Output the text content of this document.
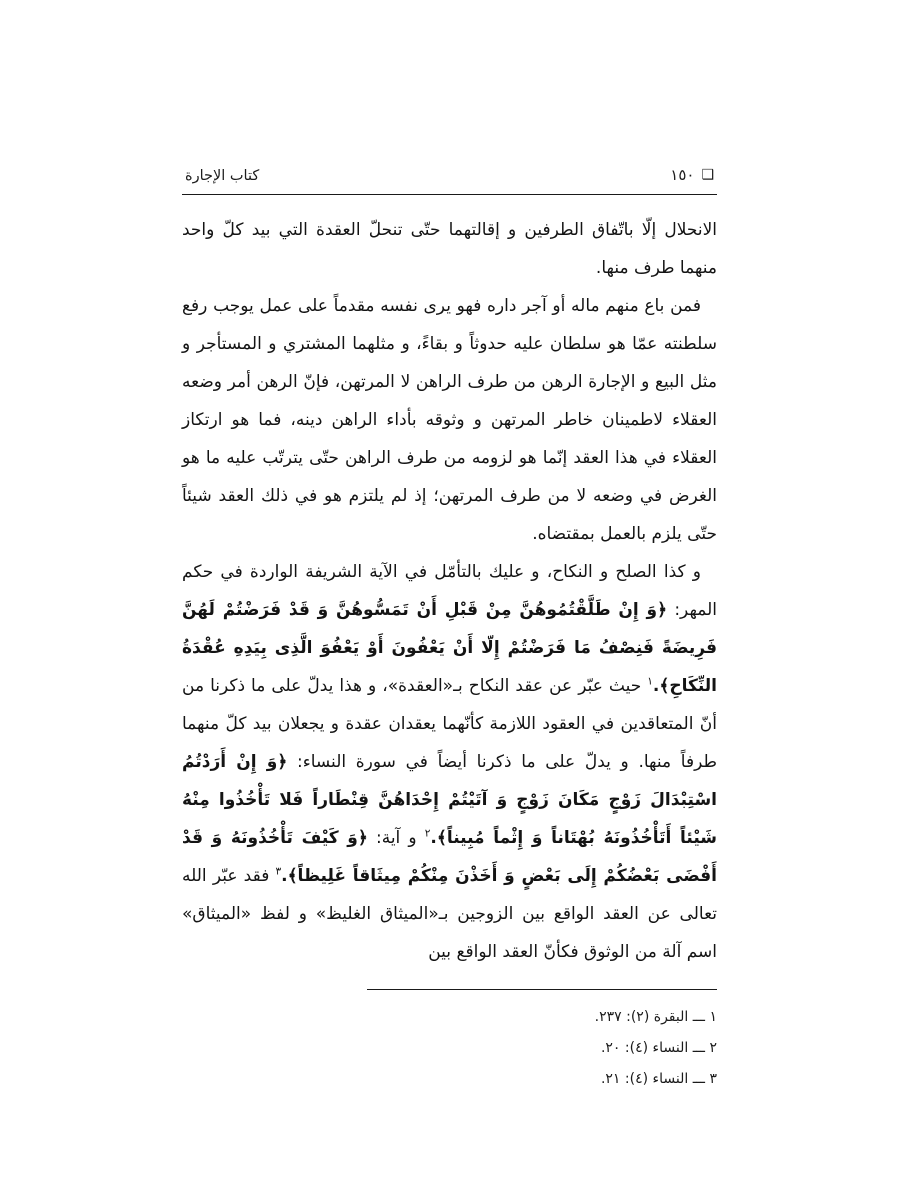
❑
١٥٠
كتاب الإجارة

الانحلال إلّا باتّفاق الطرفين و إقالتهما حتّى تنحلّ العقدة التي بيد كلّ واحد منهما طرف منها.

فمن باع منهم ماله أو آجر داره فهو يرى نفسه مقدماً على عمل يوجب رفع سلطنته عمّا هو سلطان عليه حدوثاً و بقاءً، و مثلهما المشتري و المستأجر و مثل البيع و الإجارة الرهن من طرف الراهن لا المرتهن، فإنّ الرهن أمر وضعه العقلاء لاطمينان خاطر المرتهن و وثوقه بأداء الراهن دينه، فما هو ارتكاز العقلاء في هذا العقد إنّما هو لزومه من طرف الراهن حتّى يترتّب عليه ما هو الغرض في وضعه لا من طرف المرتهن؛ إذ لم يلتزم هو في ذلك العقد شيئاً حتّى يلزم بالعمل بمقتضاه.

و كذا الصلح و النكاح، و عليك بالتأمّل في الآية الشريفة الواردة في حكم المهر: ﴿وَ إِنْ طَلَّقْتُمُوهُنَّ مِنْ قَبْلِ أَنْ تَمَسُّوهُنَّ وَ قَدْ فَرَضْتُمْ لَهُنَّ فَرِيضَةً فَنِصْفُ مَا فَرَضْتُمْ إِلّا أَنْ يَعْفُونَ أَوْ يَعْفُوَ الَّذِى بِيَدِهِ عُقْدَةُ النِّكَاحِ﴾.$^١$ حيث عبّر عن عقد النكاح بـ«العقدة»، و هذا يدلّ على ما ذكرنا من أنّ المتعاقدين في العقود اللازمة كأنّهما يعقدان عقدة و يجعلان بيد كلّ منهما طرفاً منها. و يدلّ على ما ذكرنا أيضاً في سورة النساء: ﴿وَ إِنْ أَرَدْتُمُ اسْتِبْدَالَ زَوْجٍ مَكَانَ زَوْجٍ وَ آتَيْتُمْ إِحْدَاهُنَّ قِنْطَاراً فَلا تَأْخُذُوا مِنْهُ شَيْئاً أَتَأْخُذُونَهُ بُهْتَاناً وَ إِثْماً مُبِيناً﴾.$^٢$ و آية: ﴿وَ كَيْفَ تَأْخُذُونَهُ وَ قَدْ أَفْضَى بَعْضُكُمْ إِلَى بَعْضٍ وَ أَخَذْنَ مِنْكُمْ مِيثَاقاً غَلِيظاً﴾.$^٣$ فقد عبّر الله تعالى عن العقد الواقع بين الزوجين بـ«الميثاق الغليظ» و لفظ «الميثاق» اسم آلة من الوثوق فكأنّ العقد الواقع بين

١ ـــ البقرة (٢): ٢٣٧.
٢ ـــ النساء (٤): ٢٠.
٣ ـــ النساء (٤): ٢١.
